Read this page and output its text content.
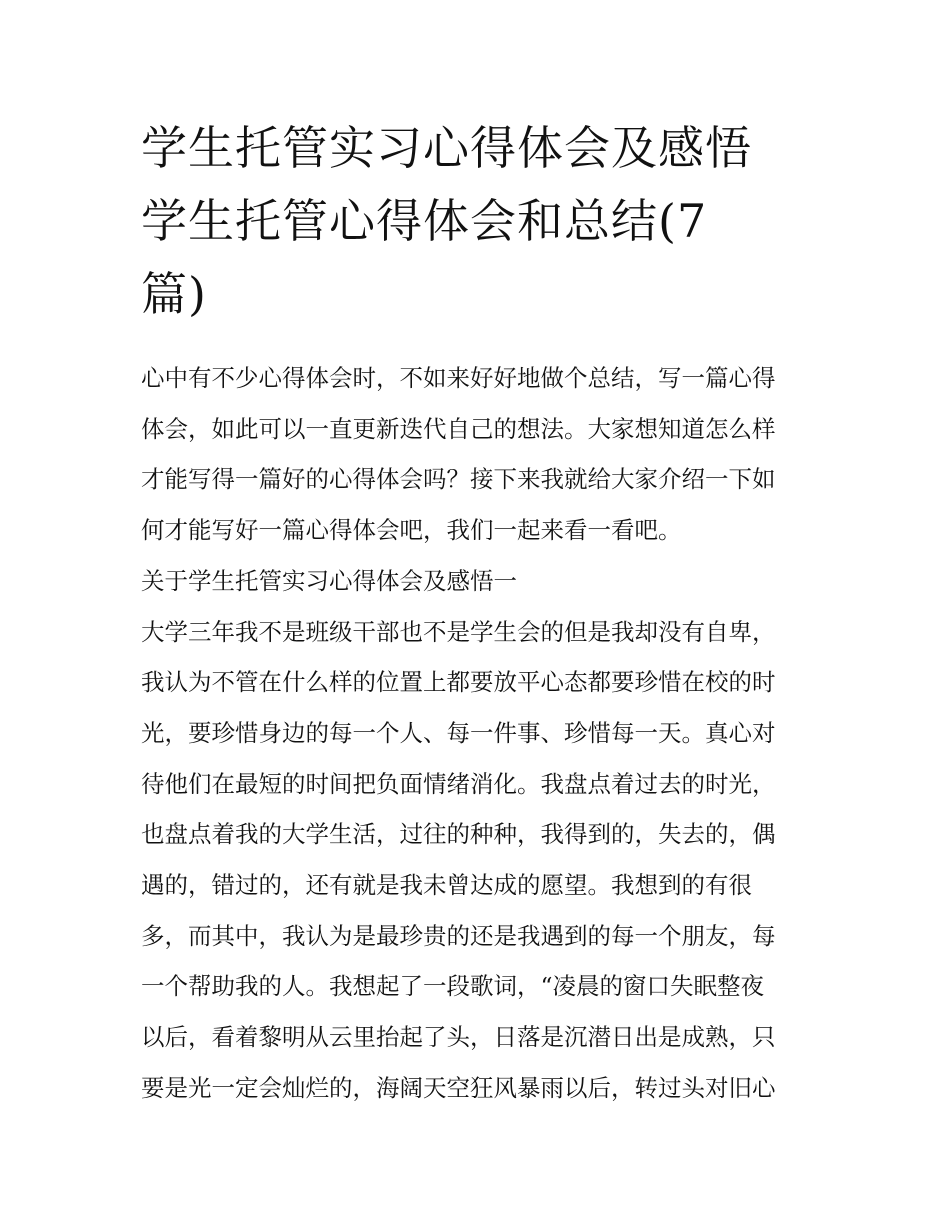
学生托管实习心得体会及感悟
学生托管心得体会和总结(7
篇)
心中有不少心得体会时，不如来好好地做个总结，写一篇心得
体会，如此可以一直更新迭代自己的想法。大家想知道怎么样
才能写得一篇好的心得体会吗？接下来我就给大家介绍一下如
何才能写好一篇心得体会吧，我们一起来看一看吧。
关于学生托管实习心得体会及感悟一
大学三年我不是班级干部也不是学生会的但是我却没有自卑，
我认为不管在什么样的位置上都要放平心态都要珍惜在校的时
光，要珍惜身边的每一个人、每一件事、珍惜每一天。真心对
待他们在最短的时间把负面情绪消化。我盘点着过去的时光，
也盘点着我的大学生活，过往的种种，我得到的，失去的，偶
遇的，错过的，还有就是我未曾达成的愿望。我想到的有很
多，而其中，我认为是最珍贵的还是我遇到的每一个朋友，每
一个帮助我的人。我想起了一段歌词，“凌晨的窗口失眠整夜
以后，看着黎明从云里抬起了头，日落是沉潜日出是成熟，只
要是光一定会灿烂的，海阔天空狂风暴雨以后，转过头对旧心
